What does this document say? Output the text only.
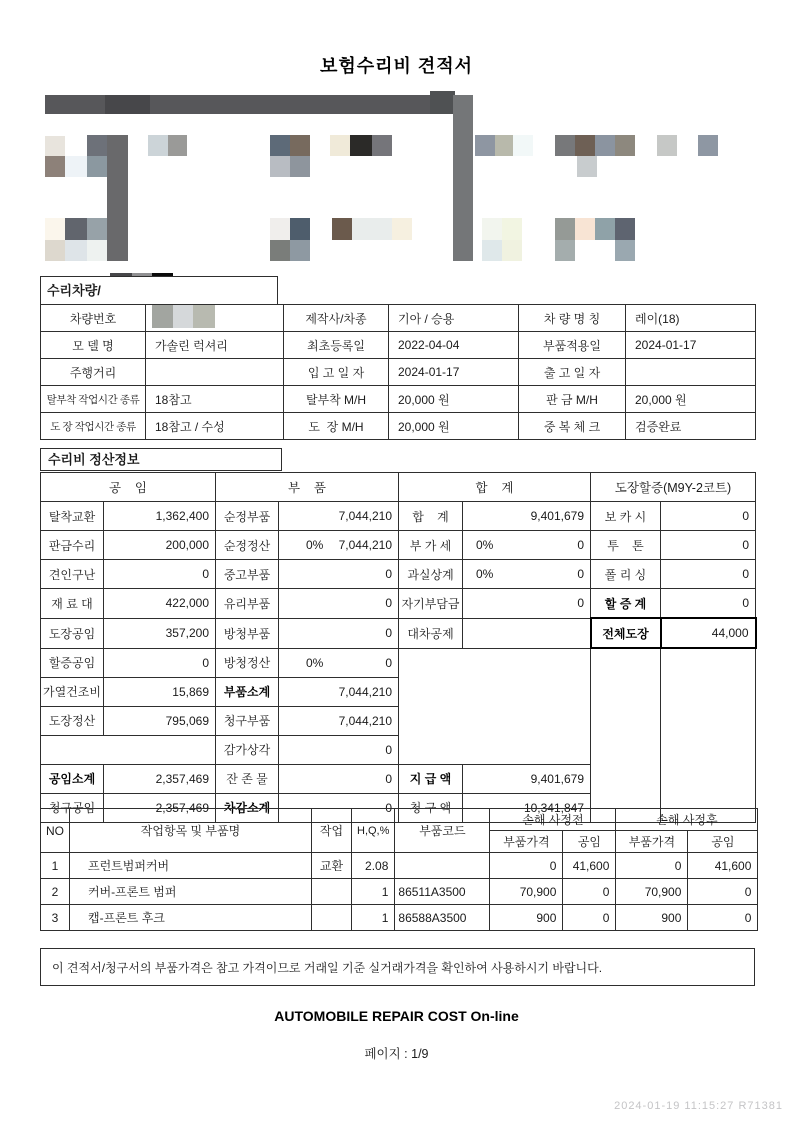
보험수리비 견적서
수리차량/
차량번호		제작사/차종	기아 / 승용	차 량 명 칭	레이(18)
모 델 명	가솔린 럭셔리	최초등록일	2022-04-04	부품적용일	2024-01-17
주행거리		입 고 일 자	2024-01-17	출 고 일 자	
탈부착 작업시간 종류	18참고	탈부착 M/H	20,000 원	판 금 M/H	20,000 원
도 장 작업시간 종류	18참고 / 수성	도  장 M/H	20,000 원	중 복 체 크	검증완료
수리비 정산정보
공    임		부    품		합    계		도장할증(M9Y-2코트)	
탈착교환	1,362,400	순정부품	7,044,210	합    계	9,401,679	보 카 시	0
판금수리	200,000	순정정산	0% 7,044,210	부 가 세	0% 0	투    톤	0
견인구난	0	중고부품	0	과실상계	0% 0	폴 리 싱	0
재 료 대	422,000	유리부품	0	자기부담금	0	할 증 계	0
도장공임	357,200	방청부품	0	대차공제		전체도장	44,000
할증공임	0	방청정산	0% 0				
가열건조비	15,869	부품소계	7,044,210				
도장정산	795,069	청구부품	7,044,210				
		감가상각	0				
공임소계	2,357,469	잔 존 물	0	지 급 액	9,401,679		
청구공임	2,357,469	차감소계	0	청 구 액	10,341,847		
NO	작업항목 및 부품명	작업	H,Q,%	부품코드	손해 사정전		손해 사정후	
					부품가격	공임	부품가격	공임
1	프런트범퍼커버	교환	2.08		0	41,600	0	41,600
2	커버-프론트 범퍼		1	86511A3500	70,900	0	70,900	0
3	캡-프론트 후크		1	86588A3500	900	0	900	0
이 견적서/청구서의 부품가격은 참고 가격이므로 거래일 기준 실거래가격을 확인하여 사용하시기 바랍니다.
AUTOMOBILE REPAIR COST On-line
페이지 : 1/9
2024-01-19 11:15:27 R71381
